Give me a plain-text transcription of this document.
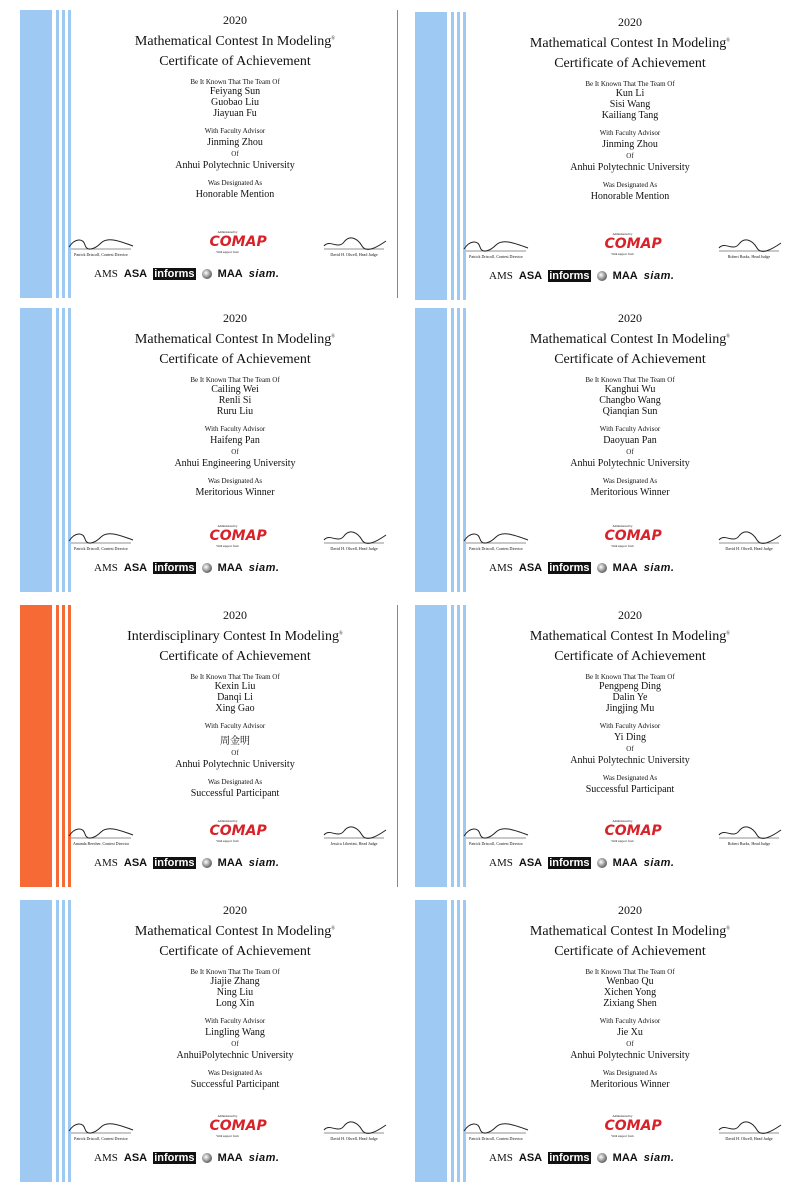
2020
Mathematical Contest In Modeling®
Certificate of Achievement
Be It Known That The Team Of
Feiyang Sun
Guobao Liu
Jiayuan Fu
With Faculty Advisor
Jinming Zhou
Of
Anhui Polytechnic University
Was Designated As
Honorable Mention
Patrick Driscoll, Contest Director
Administered by
COMAP
With support from	David H. Olwell, Head Judge
AMS ASA informs MAA siam.
2020
Mathematical Contest In Modeling®
Certificate of Achievement
Be It Known That The Team Of
Kun Li
Sisi Wang
Kailiang Tang
With Faculty Advisor
Jinming Zhou
Of
Anhui Polytechnic University
Was Designated As
Honorable Mention
Patrick Driscoll, Contest Director
Administered by
COMAP
With support from	Robert Burks, Head Judge
AMS ASA informs MAA siam.
2020
Mathematical Contest In Modeling®
Certificate of Achievement
Be It Known That The Team Of
Cailing Wei
Renli Si
Ruru Liu
With Faculty Advisor
Haifeng Pan
Of
Anhui Engineering University
Was Designated As
Meritorious Winner
Patrick Driscoll, Contest Director
Administered by
COMAP
With support from	David H. Olwell, Head Judge
AMS ASA informs MAA siam.
2020
Mathematical Contest In Modeling®
Certificate of Achievement
Be It Known That The Team Of
Kanghui Wu
Changbo Wang
Qianqian Sun
With Faculty Advisor
Daoyuan Pan
Of
Anhui Polytechnic University
Was Designated As
Meritorious Winner
Patrick Driscoll, Contest Director
Administered by
COMAP
With support from	David H. Olwell, Head Judge
AMS ASA informs MAA siam.
2020
Interdisciplinary Contest In Modeling®
Certificate of Achievement
Be It Known That The Team Of
Kexin Liu
Danqi Li
Xing Gao
With Faculty Advisor
周金明
Of
Anhui Polytechnic University
Was Designated As
Successful Participant
Amanda Beecher, Contest Director
Administered by
COMAP
With support from	Jessica Libertini, Head Judge
AMS ASA informs MAA siam.
2020
Mathematical Contest In Modeling®
Certificate of Achievement
Be It Known That The Team Of
Pengpeng Ding
Dalin Ye
Jingjing Mu
With Faculty Advisor
Yi Ding
Of
Anhui Polytechnic University
Was Designated As
Successful Participant
Patrick Driscoll, Contest Director
Administered by
COMAP
With support from	Robert Burks, Head Judge
AMS ASA informs MAA siam.
2020
Mathematical Contest In Modeling®
Certificate of Achievement
Be It Known That The Team Of
Jiajie Zhang
Ning Liu
Long Xin
With Faculty Advisor
Lingling Wang
Of
AnhuiPolytechnic University
Was Designated As
Successful Participant
Patrick Driscoll, Contest Director
Administered by
COMAP
With support from	David H. Olwell, Head Judge
AMS ASA informs MAA siam.
2020
Mathematical Contest In Modeling®
Certificate of Achievement
Be It Known That The Team Of
Wenbao Qu
Xichen Yong
Zixiang Shen
With Faculty Advisor
Jie Xu
Of
Anhui Polytechnic University
Was Designated As
Meritorious Winner
Patrick Driscoll, Contest Director
Administered by
COMAP
With support from	David H. Olwell, Head Judge
AMS ASA informs MAA siam.
